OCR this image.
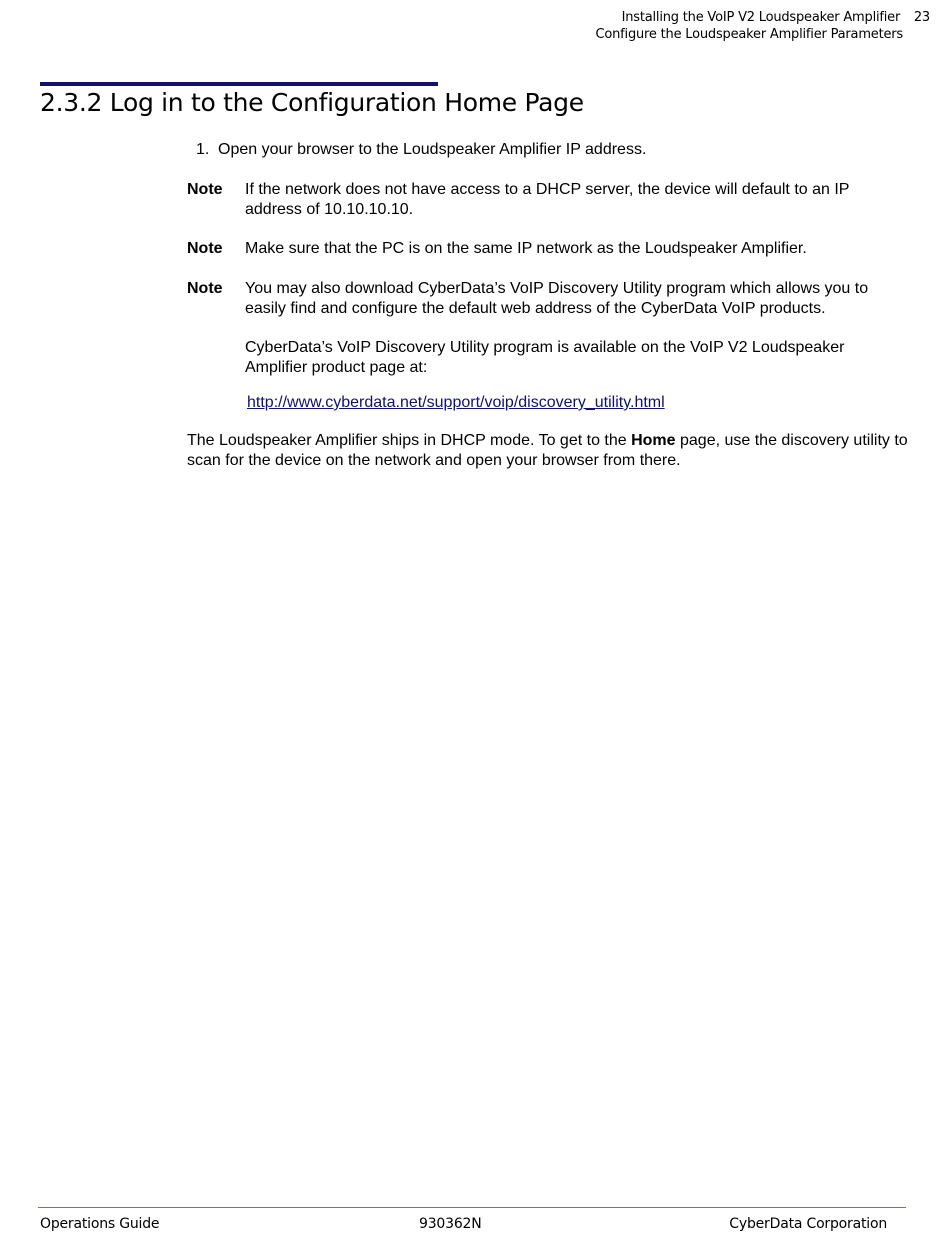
Installing the VoIP V2 Loudspeaker Amplifier 23
Configure the Loudspeaker Amplifier Parameters
2.3.2 Log in to the Configuration Home Page
1. Open your browser to the Loudspeaker Amplifier IP address.
Note If the network does not have access to a DHCP server, the device will default to an IP address of 10.10.10.10.
Note Make sure that the PC is on the same IP network as the Loudspeaker Amplifier.
Note You may also download CyberData’s VoIP Discovery Utility program which allows you to easily find and configure the default web address of the CyberData VoIP products.
CyberData’s VoIP Discovery Utility program is available on the VoIP V2 Loudspeaker Amplifier product page at:
http://www.cyberdata.net/support/voip/discovery_utility.html
The Loudspeaker Amplifier ships in DHCP mode. To get to the Home page, use the discovery utility to scan for the device on the network and open your browser from there.
Operations Guide	930362N	CyberData Corporation
